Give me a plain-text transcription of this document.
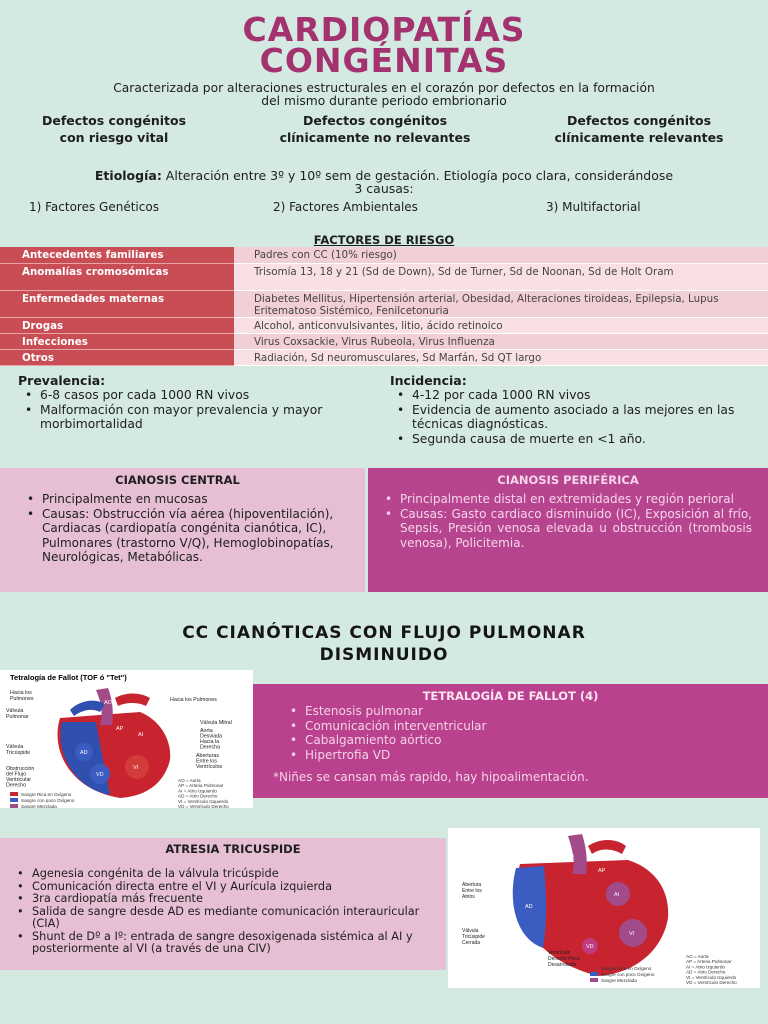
CARDIOPATÍAS
CONGÉNITAS
Caracterizada por alteraciones estructurales en el corazón por defectos en la formación
del mismo durante periodo embrionario
Defectos congénitos
con riesgo vital
Defectos congénitos
clínicamente no relevantes
Defectos congénitos
clínicamente relevantes
Etiología: Alteración entre 3º y 10º sem de gestación. Etiología poco clara, considerándose
3 causas:
1) Factores Genéticos	2) Factores Ambientales	3) Multifactorial
FACTORES DE RIESGO
Antecedentes familiares	Padres con CC (10% riesgo)
Anomalías cromosómicas	Trisomía 13, 18 y 21 (Sd de Down), Sd de Turner, Sd de Noonan, Sd de Holt Oram
Enfermedades maternas	Diabetes Mellitus, Hipertensión arterial, Obesidad, Alteraciones tiroideas, Epilepsia, Lupus Eritematoso Sistémico, Fenilcetonuria
Drogas	Alcohol, anticonvulsivantes, litio, ácido retinoico
Infecciones	Virus Coxsackie, Virus Rubeola, Virus Influenza
Otros	Radiación, Sd neuromusculares, Sd Marfán, Sd QT largo
Prevalencia:
• 6-8 casos por cada 1000 RN vivos
• Malformación con mayor prevalencia y mayor morbimortalidad
Incidencia:
• 4-12 por cada 1000 RN vivos
• Evidencia de aumento asociado a las mejores en las técnicas diagnósticas.
• Segunda causa de muerte en <1 año.
CIANOSIS CENTRAL
• Principalmente en mucosas
• Causas: Obstrucción vía aérea (hipoventilación), Cardiacas (cardiopatía congénita cianótica, IC), Pulmonares (trastorno V/Q), Hemoglobinopatías, Neurológicas, Metabólicas.
CIANOSIS PERIFÉRICA
• Principalmente distal en extremidades y región perioral
• Causas: Gasto cardiaco disminuido (IC), Exposición al frío, Sepsis, Presión venosa elevada u obstrucción (trombosis venosa), Policitemia.
CC CIANÓTICAS CON FLUJO PULMONAR
DISMINUIDO
Tetralogía de Fallot (TOF ó "Tet")
AD
VD
VI
AO
AP
AI
Hacia los Pulmones	Hacia los Pulmones
Válvula Mitral
Válvula Pulmonar
Aorta Desviada Hacia la Derecha
Válvula Tricúspide	Aberturas Entre los Ventrículos
Obstrucción del Flujo Ventricular Derecho
Sangre Rica en Oxígeno
Sangre con poco Oxígeno
Sangre Mezclada
AO = Aorta
AP = Arteria Pulmonar
AI = Atrio Izquierdo
AD = Atrio Derecho
VI = Ventrículo Izquierdo
VD = Ventrículo Derecho
TETRALOGÍA DE FALLOT (4)
• Estenosis pulmonar
• Comunicación interventricular
• Cabalgamiento aórtico
• Hipertrofia VD
*Niñes se cansan más rapido, hay hipoalimentación.
ATRESIA TRICUSPIDE
• Agenesia congénita de la válvula tricúspide
• Comunicación directa entre el VI y Aurícula izquierda
• 3ra cardiopatía más frecuente
• Salida de sangre desde AD es mediante comunicación interauricular (CIA)
• Shunt de Dº a Iº: entrada de sangre desoxigenada sistémica al AI y posteriormente al VI (a través de una CIV)
AO
AP
AD
AI
VI
VD
Abertura Entre los Atrios
Válvula Tricúspide Cerrada
Ventrículo Derecho Poco Desarrollado
Sangre Rica en Oxígeno
Sangre con poco Oxígeno
Sangre Mezclada
AO = Aorta
AP = Arteria Pulmonar
AI = Atrio Izquierdo
AD = Atrio Derecho
VI = Ventrículo Izquierdo
VD = Ventrículo Derecho
